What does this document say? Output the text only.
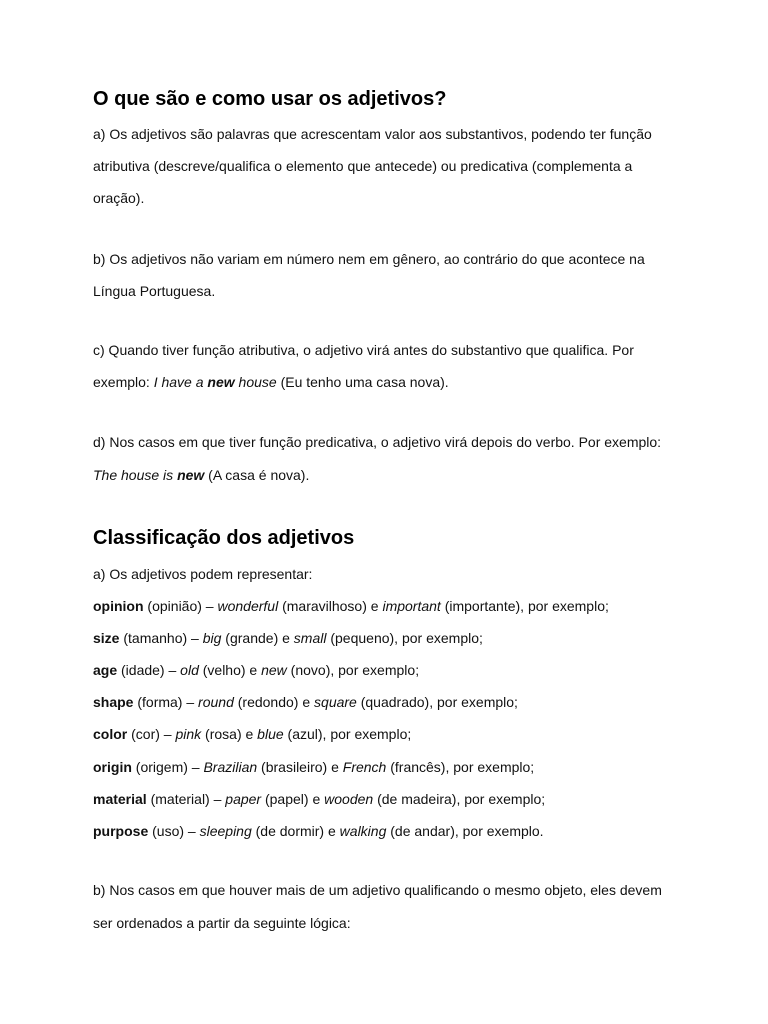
O que são e como usar os adjetivos?

a) Os adjetivos são palavras que acrescentam valor aos substantivos, podendo ter função

atributiva (descreve/qualifica o elemento que antecede) ou predicativa (complementa a

oração).

b) Os adjetivos não variam em número nem em gênero, ao contrário do que acontece na

Língua Portuguesa.

c) Quando tiver função atributiva, o adjetivo virá antes do substantivo que qualifica. Por

exemplo: I have a new house (Eu tenho uma casa nova).

d) Nos casos em que tiver função predicativa, o adjetivo virá depois do verbo. Por exemplo:

The house is new (A casa é nova).

Classificação dos adjetivos

a) Os adjetivos podem representar:

opinion (opinião) – wonderful (maravilhoso) e important (importante), por exemplo;

size (tamanho) – big (grande) e small (pequeno), por exemplo;

age (idade) – old (velho) e new (novo), por exemplo;

shape (forma) – round (redondo) e square (quadrado), por exemplo;

color (cor) – pink (rosa) e blue (azul), por exemplo;

origin (origem) – Brazilian (brasileiro) e French (francês), por exemplo;

material (material) – paper (papel) e wooden (de madeira), por exemplo;

purpose (uso) – sleeping (de dormir) e walking (de andar), por exemplo.

b) Nos casos em que houver mais de um adjetivo qualificando o mesmo objeto, eles devem

ser ordenados a partir da seguinte lógica:
